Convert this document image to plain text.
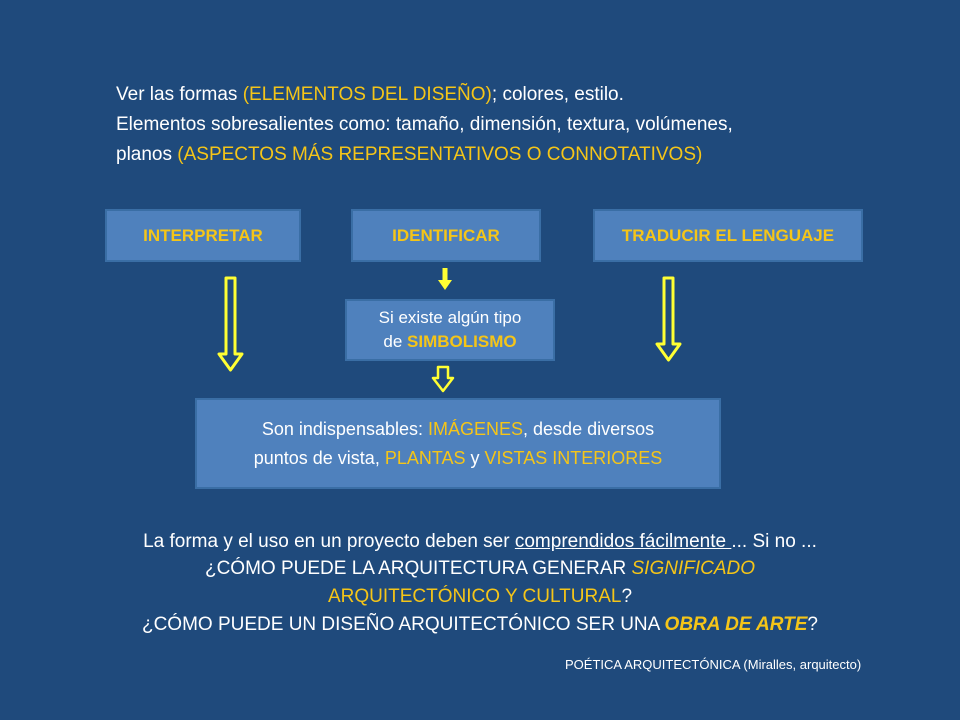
Ver las formas (ELEMENTOS DEL DISEÑO); colores, estilo.
Elementos sobresalientes como: tamaño, dimensión, textura, volúmenes,
planos (ASPECTOS MÁS REPRESENTATIVOS O CONNOTATIVOS)
INTERPRETAR	IDENTIFICAR	TRADUCIR EL LENGUAJE
Si existe algún tipo
de SIMBOLISMO
Son indispensables: IMÁGENES, desde diversos
puntos de vista, PLANTAS y VISTAS INTERIORES
La forma y el uso en un proyecto deben ser comprendidos fácilmente ... Si no ...
¿CÓMO PUEDE LA ARQUITECTURA GENERAR SIGNIFICADO
ARQUITECTÓNICO Y CULTURAL?
¿CÓMO PUEDE UN DISEÑO ARQUITECTÓNICO SER UNA OBRA DE ARTE?
POÉTICA ARQUITECTÓNICA (Miralles, arquitecto)
